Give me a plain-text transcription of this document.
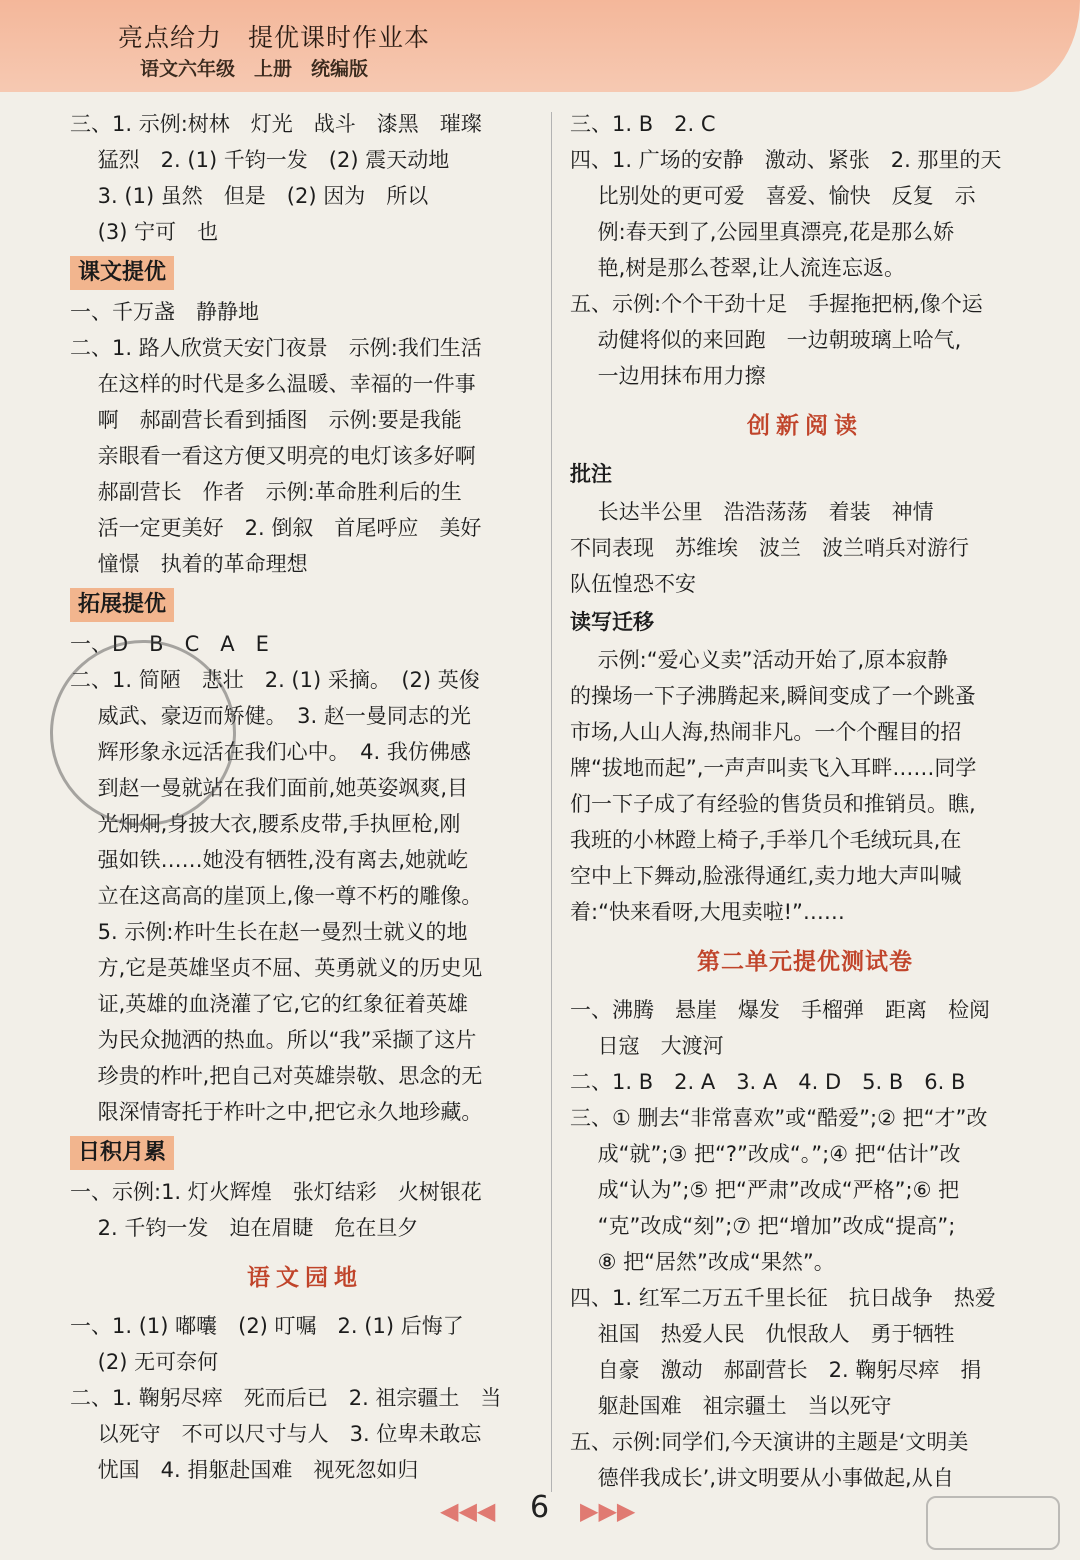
亮点给力　提优课时作业本
语文六年级　上册　统编版
三、1. 示例:树林　灯光　战斗　漆黑　璀璨
　 猛烈　2. (1) 千钧一发　(2) 震天动地
　 3. (1) 虽然　但是　(2) 因为　所以
　 (3) 宁可　也
课文提优
一、千万盏　静静地
二、1. 路人欣赏天安门夜景　示例:我们生活
　 在这样的时代是多么温暖、幸福的一件事
　 啊　郝副营长看到插图　示例:要是我能
　 亲眼看一看这方便又明亮的电灯该多好啊
　 郝副营长　作者　示例:革命胜利后的生
　 活一定更美好　2. 倒叙　首尾呼应　美好
　 憧憬　执着的革命理想
拓展提优
一、D　B　C　A　E
二、1. 简陋　悲壮　2. (1) 采摘。　(2) 英俊
　 威武、豪迈而矫健。　3. 赵一曼同志的光
　 辉形象永远活在我们心中。　4. 我仿佛感
　 到赵一曼就站在我们面前,她英姿飒爽,目
　 光炯炯,身披大衣,腰系皮带,手执匣枪,刚
　 强如铁……她没有牺牲,没有离去,她就屹
　 立在这高高的崖顶上,像一尊不朽的雕像。
　 5. 示例:柞叶生长在赵一曼烈士就义的地
　 方,它是英雄坚贞不屈、英勇就义的历史见
　 证,英雄的血浇灌了它,它的红象征着英雄
　 为民众抛洒的热血。所以“我”采撷了这片
　 珍贵的柞叶,把自己对英雄崇敬、思念的无
　 限深情寄托于柞叶之中,把它永久地珍藏。
日积月累
一、示例:1. 灯火辉煌　张灯结彩　火树银花
　 2. 千钧一发　迫在眉睫　危在旦夕
语文园地
一、1. (1) 嘟囔　(2) 叮嘱　2. (1) 后悔了
　 (2) 无可奈何
二、1. 鞠躬尽瘁　死而后已　2. 祖宗疆土　当
　 以死守　不可以尺寸与人　3. 位卑未敢忘
　 忧国　4. 捐躯赴国难　视死忽如归
三、1. B　2. C
四、1. 广场的安静　激动、紧张　2. 那里的天
　 比别处的更可爱　喜爱、愉快　反复　示
　 例:春天到了,公园里真漂亮,花是那么娇
　 艳,树是那么苍翠,让人流连忘返。
五、示例:个个干劲十足　手握拖把柄,像个运
　 动健将似的来回跑　一边朝玻璃上哈气,
　 一边用抹布用力擦
创新阅读
批注
　 长达半公里　浩浩荡荡　着装　神情
不同表现　苏维埃　波兰　波兰哨兵对游行
队伍惶恐不安
读写迁移
　 示例:“爱心义卖”活动开始了,原本寂静
的操场一下子沸腾起来,瞬间变成了一个跳蚤
市场,人山人海,热闹非凡。一个个醒目的招
牌“拔地而起”,一声声叫卖飞入耳畔……同学
们一下子成了有经验的售货员和推销员。瞧,
我班的小林蹬上椅子,手举几个毛绒玩具,在
空中上下舞动,脸涨得通红,卖力地大声叫喊
着:“快来看呀,大甩卖啦!”……
第二单元提优测试卷
一、沸腾　悬崖　爆发　手榴弹　距离　检阅
　 日寇　大渡河
二、1. B　2. A　3. A　4. D　5. B　6. B
三、① 删去“非常喜欢”或“酷爱”;② 把“才”改
　 成“就”;③ 把“?”改成“。”;④ 把“估计”改
　 成“认为”;⑤ 把“严肃”改成“严格”;⑥ 把
　 “克”改成“刻”;⑦ 把“增加”改成“提高”;
　 ⑧ 把“居然”改成“果然”。
四、1. 红军二万五千里长征　抗日战争　热爱
　 祖国　热爱人民　仇恨敌人　勇于牺牲
　 自豪　激动　郝副营长　2. 鞠躬尽瘁　捐
　 躯赴国难　祖宗疆土　当以死守
五、示例:同学们,今天演讲的主题是‘文明美
　 德伴我成长’,讲文明要从小事做起,从自
◀◀◀ 6 ▶▶▶
